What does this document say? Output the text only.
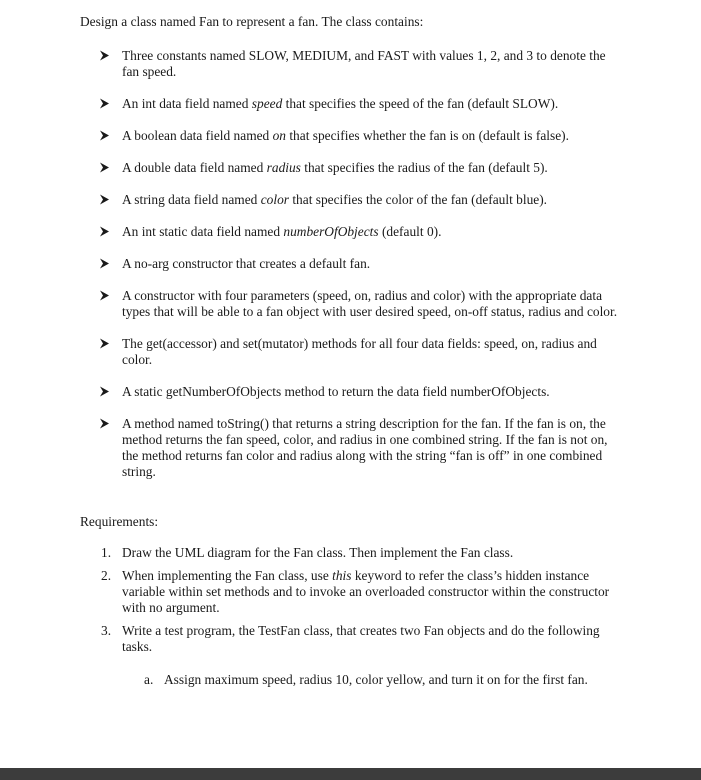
Design a class named Fan to represent a fan. The class contains:
Three constants named SLOW, MEDIUM, and FAST with values 1, 2, and 3 to denote the fan speed.
An int data field named speed that specifies the speed of the fan (default SLOW).
A boolean data field named on that specifies whether the fan is on (default is false).
A double data field named radius that specifies the radius of the fan (default 5).
A string data field named color that specifies the color of the fan (default blue).
An int static data field named numberOfObjects (default 0).
A no-arg constructor that creates a default fan.
A constructor with four parameters (speed, on, radius and color) with the appropriate data types that will be able to a fan object with user desired speed, on-off status, radius and color.
The get(accessor) and set(mutator) methods for all four data fields: speed, on, radius and color.
A static getNumberOfObjects method to return the data field numberOfObjects.
A method named toString() that returns a string description for the fan. If the fan is on, the method returns the fan speed, color, and radius in one combined string. If the fan is not on, the method returns fan color and radius along with the string “fan is off” in one combined string.
Requirements:
1. Draw the UML diagram for the Fan class. Then implement the Fan class.
2. When implementing the Fan class, use this keyword to refer the class’s hidden instance variable within set methods and to invoke an overloaded constructor within the constructor with no argument.
3. Write a test program, the TestFan class, that creates two Fan objects and do the following tasks.
a. Assign maximum speed, radius 10, color yellow, and turn it on for the first fan.
